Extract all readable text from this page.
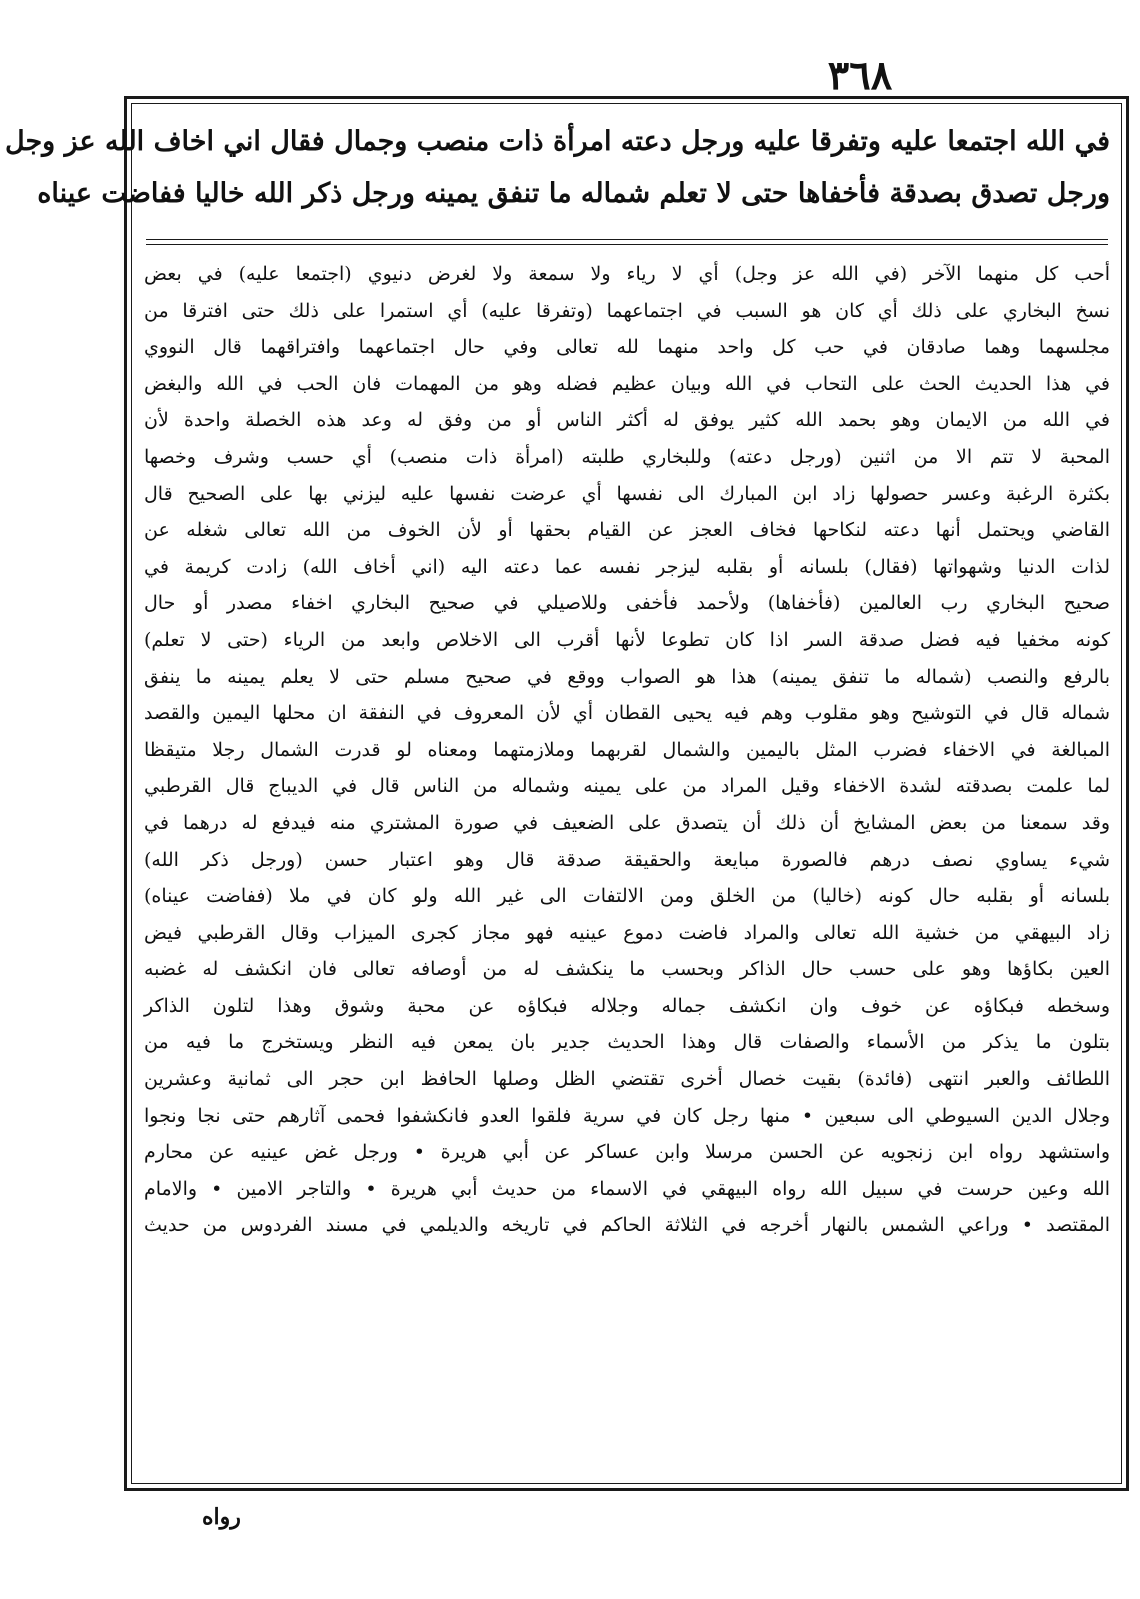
٣٦٨
في الله اجتمعا عليه وتفرقا عليه ورجل دعته امرأة ذات منصب وجمال فقال اني اخاف الله عز وجل
ورجل تصدق بصدقة فأخفاها حتى لا تعلم شماله ما تنفق يمينه ورجل ذكر الله خاليا ففاضت عيناه
أحب كل منهما الآخر (في الله عز وجل) أي لا رياء ولا سمعة ولا لغرض دنيوي (اجتمعا عليه) في بعض
نسخ البخاري على ذلك أي كان هو السبب في اجتماعهما (وتفرقا عليه) أي استمرا على ذلك حتى افترقا من
مجلسهما وهما صادقان في حب كل واحد منهما لله تعالى وفي حال اجتماعهما وافتراقهما قال النووي
في هذا الحديث الحث على التحاب في الله وبيان عظيم فضله وهو من المهمات فان الحب في الله والبغض
في الله من الايمان وهو بحمد الله كثير يوفق له أكثر الناس أو من وفق له وعد هذه الخصلة واحدة لأن
المحبة لا تتم الا من اثنين (ورجل دعته) وللبخاري طلبته (امرأة ذات منصب) أي حسب وشرف وخصها
بكثرة الرغبة وعسر حصولها زاد ابن المبارك الى نفسها أي عرضت نفسها عليه ليزني بها على الصحيح قال
القاضي ويحتمل أنها دعته لنكاحها فخاف العجز عن القيام بحقها أو لأن الخوف من الله تعالى شغله عن
لذات الدنيا وشهواتها (فقال) بلسانه أو بقلبه ليزجر نفسه عما دعته اليه (اني أخاف الله) زادت كريمة في
صحيح البخاري رب العالمين (فأخفاها) ولأحمد فأخفى وللاصيلي في صحيح البخاري اخفاء مصدر أو حال
كونه مخفيا فيه فضل صدقة السر اذا كان تطوعا لأنها أقرب الى الاخلاص وابعد من الرياء (حتى لا تعلم)
بالرفع والنصب (شماله ما تنفق يمينه) هذا هو الصواب ووقع في صحيح مسلم حتى لا يعلم يمينه ما ينفق
شماله قال في التوشيح وهو مقلوب وهم فيه يحيى القطان أي لأن المعروف في النفقة ان محلها اليمين والقصد
المبالغة في الاخفاء فضرب المثل باليمين والشمال لقربهما وملازمتهما ومعناه لو قدرت الشمال رجلا متيقظا
لما علمت بصدقته لشدة الاخفاء وقيل المراد من على يمينه وشماله من الناس قال في الديباج قال القرطبي
وقد سمعنا من بعض المشايخ أن ذلك أن يتصدق على الضعيف في صورة المشتري منه فيدفع له درهما في
شيء يساوي نصف درهم فالصورة مبايعة والحقيقة صدقة قال وهو اعتبار حسن (ورجل ذكر الله)
بلسانه أو بقلبه حال كونه (خاليا) من الخلق ومن الالتفات الى غير الله ولو كان في ملا (ففاضت عيناه)
زاد البيهقي من خشية الله تعالى والمراد فاضت دموع عينيه فهو مجاز كجرى الميزاب وقال القرطبي فيض
العين بكاؤها وهو على حسب حال الذاكر وبحسب ما ينكشف له من أوصافه تعالى فان انكشف له غضبه
وسخطه فبكاؤه عن خوف وان انكشف جماله وجلاله فبكاؤه عن محبة وشوق وهذا لتلون الذاكر
بتلون ما يذكر من الأسماء والصفات قال وهذا الحديث جدير بان يمعن فيه النظر ويستخرج ما فيه من
اللطائف والعبر انتهى (فائدة) بقيت خصال أخرى تقتضي الظل وصلها الحافظ ابن حجر الى ثمانية وعشرين
وجلال الدين السيوطي الى سبعين • منها رجل كان في سرية فلقوا العدو فانكشفوا فحمى آثارهم حتى نجا ونجوا
واستشهد رواه ابن زنجويه عن الحسن مرسلا وابن عساكر عن أبي هريرة • ورجل غض عينيه عن محارم
الله وعين حرست في سبيل الله رواه البيهقي في الاسماء من حديث أبي هريرة • والتاجر الامين • والامام
المقتصد • وراعي الشمس بالنهار أخرجه في الثلاثة الحاكم في تاريخه والديلمي في مسند الفردوس من حديث
رواه
